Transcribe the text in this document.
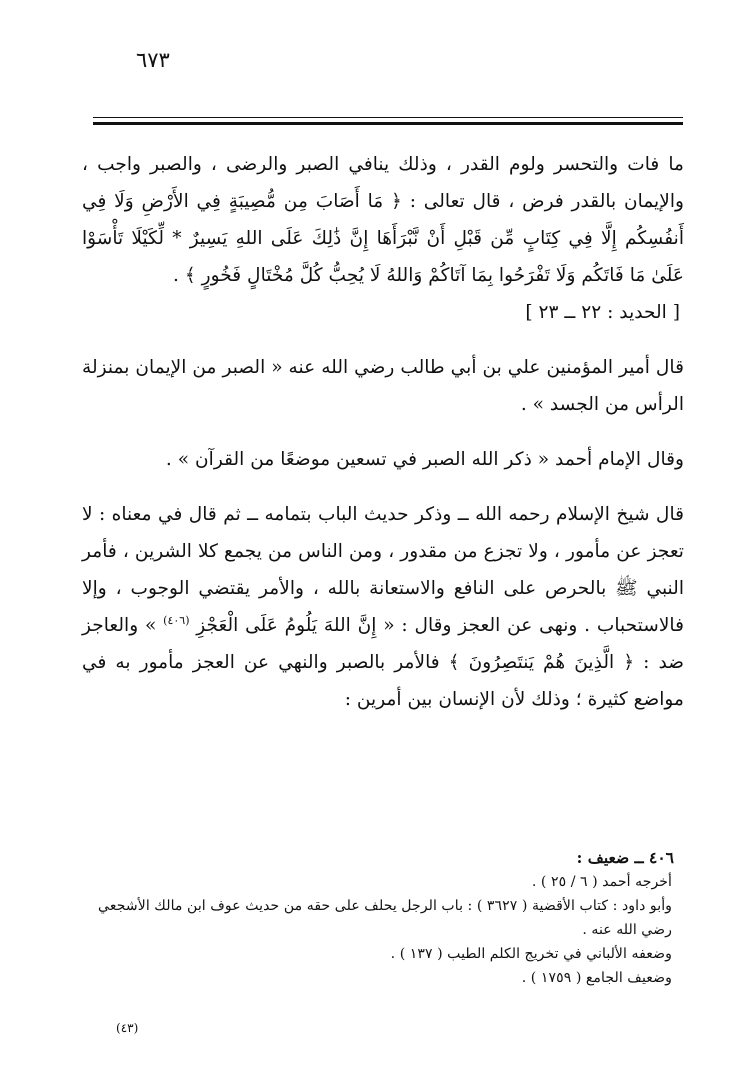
٦٧٣

ما فات والتحسر ولوم القدر ، وذلك ينافي الصبر والرضى ، والصبر واجب ، والإيمان بالقدر فرض ، قال تعالى : ﴿ مَا أَصَابَ مِن مُّصِيبَةٍ فِي الأَرْضِ وَلَا فِي أَنفُسِكُم إِلَّا فِي كِتَابٍ مِّن قَبْلِ أَنْ نَّبْرَأَهَا إِنَّ ذَٰلِكَ عَلَى اللهِ يَسِيرٌ * لِّكَيْلَا تَأْسَوْا عَلَىٰ مَا فَاتَكُم وَلَا تَفْرَحُوا بِمَا آتَاكُمْ وَاللهُ لَا يُحِبُّ كُلَّ مُخْتَالٍ فَخُورٍ ﴾ .
[ الحديد : ٢٢ ــ ٢٣ ]

قال أمير المؤمنين علي بن أبي طالب رضي الله عنه « الصبر من الإيمان بمنزلة الرأس من الجسد » .

وقال الإمام أحمد « ذكر الله الصبر في تسعين موضعًا من القرآن » .

قال شيخ الإسلام رحمه الله ــ وذكر حديث الباب بتمامه ــ ثم قال في معناه : لا تعجز عن مأمور ، ولا تجزع من مقدور ، ومن الناس من يجمع كلا الشرين ، فأمر النبي ﷺ بالحرص على النافع والاستعانة بالله ، والأمر يقتضي الوجوب ، وإلا فالاستحباب . ونهى عن العجز وقال : « إِنَّ اللهَ يَلُومُ عَلَى الْعَجْزِ $^{(٤٠٦)}$ » والعاجز ضد : ﴿ الَّذِينَ هُمْ يَنتَصِرُونَ ﴾ فالأمر بالصبر والنهي عن العجز مأمور به في مواضع كثيرة ؛ وذلك لأن الإنسان بين أمرين :

٤٠٦ ــ ضعيف :

أخرجه أحمد ( ٦ / ٢٥ ) .

وأبو داود : كتاب الأقضية ( ٣٦٢٧ ) : باب الرجل يحلف على حقه من حديث عوف ابن مالك الأشجعي رضي الله عنه .

وضعفه الألباني في تخريج الكلم الطيب ( ١٣٧ ) .

وضعيف الجامع ( ١٧٥٩ ) .

(٤٣)
